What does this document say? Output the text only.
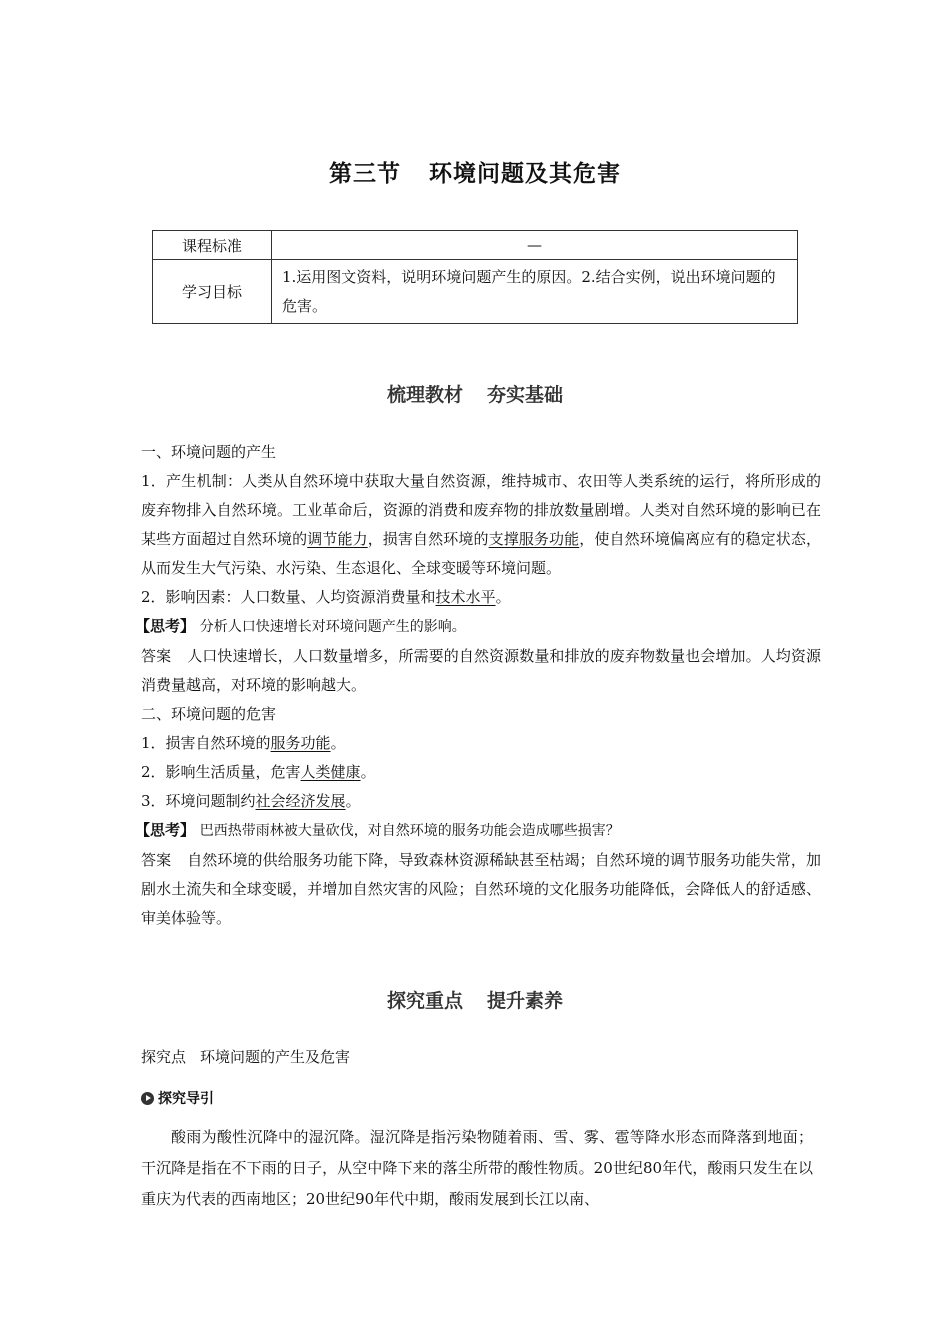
第三节 环境问题及其危害
课程标准	—
学习目标	1.运用图文资料，说明环境问题产生的原因。2.结合实例，说出环境问题的危害。
梳理教材 夯实基础
一、环境问题的产生
1．产生机制：人类从自然环境中获取大量自然资源，维持城市、农田等人类系统的运行，将所形成的废弃物排入自然环境。工业革命后，资源的消费和废弃物的排放数量剧增。人类对自然环境的影响已在某些方面超过自然环境的调节能力，损害自然环境的支撑服务功能，使自然环境偏离应有的稳定状态，从而发生大气污染、水污染、生态退化、全球变暖等环境问题。
2．影响因素：人口数量、人均资源消费量和技术水平。
【思考】 分析人口快速增长对环境问题产生的影响。
答案 人口快速增长，人口数量增多，所需要的自然资源数量和排放的废弃物数量也会增加。人均资源消费量越高，对环境的影响越大。
二、环境问题的危害
1．损害自然环境的服务功能。
2．影响生活质量，危害人类健康。
3．环境问题制约社会经济发展。
【思考】 巴西热带雨林被大量砍伐，对自然环境的服务功能会造成哪些损害？
答案 自然环境的供给服务功能下降，导致森林资源稀缺甚至枯竭；自然环境的调节服务功能失常，加剧水土流失和全球变暖，并增加自然灾害的风险；自然环境的文化服务功能降低，会降低人的舒适感、审美体验等。
探究重点 提升素养
探究点 环境问题的产生及危害
探究导引
酸雨为酸性沉降中的湿沉降。湿沉降是指污染物随着雨、雪、雾、雹等降水形态而降落到地面；干沉降是指在不下雨的日子，从空中降下来的落尘所带的酸性物质。20世纪80年代，酸雨只发生在以重庆为代表的西南地区；20世纪90年代中期，酸雨发展到长江以南、
